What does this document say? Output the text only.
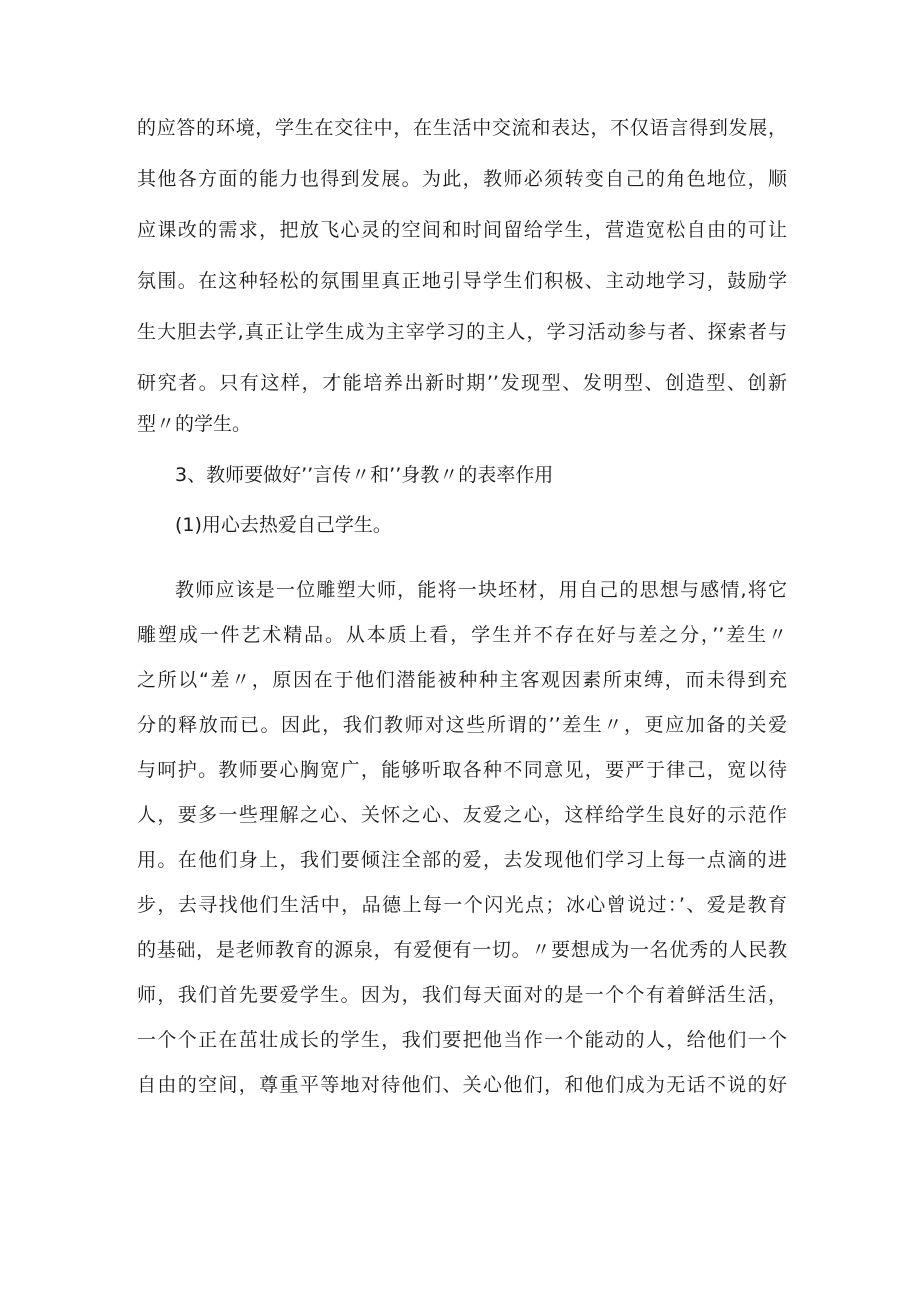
的应答的环境，学生在交往中，在生活中交流和表达，不仅语言得到发展，
其他各方面的能力也得到发展。为此，教师必须转变自己的角色地位，顺
应课改的需求，把放飞心灵的空间和时间留给学生，营造宽松自由的可让
氛围。在这种轻松的氛围里真正地引导学生们积极、主动地学习，鼓励学
生大胆去学,真正让学生成为主宰学习的主人，学习活动参与者、探索者与
研究者。只有这样，才能培养出新时期’’发现型、发明型、创造型、创新
型〃的学生。
3、教师要做好’’言传〃和’’身教〃的表率作用
(1)用心去热爱自己学生。
教师应该是一位雕塑大师，能将一块坯材，用自己的思想与感情,将它
雕塑成一件艺术精品。从本质上看，学生并不存在好与差之分，’’差生〃
之所以“差〃，原因在于他们潜能被种种主客观因素所束缚，而未得到充
分的释放而已。因此，我们教师对这些所谓的’’差生〃，更应加备的关爱
与呵护。教师要心胸宽广，能够听取各种不同意见，要严于律己，宽以待
人，要多一些理解之心、关怀之心、友爱之心，这样给学生良好的示范作
用。在他们身上，我们要倾注全部的爱，去发现他们学习上每一点滴的进
步，去寻找他们生活中，品德上每一个闪光点；冰心曾说过：’、爱是教育
的基础，是老师教育的源泉，有爱便有一切。〃要想成为一名优秀的人民教
师，我们首先要爱学生。因为，我们每天面对的是一个个有着鲜活生活，
一个个正在茁壮成长的学生，我们要把他当作一个能动的人，给他们一个
自由的空间，尊重平等地对待他们、关心他们，和他们成为无话不说的好
